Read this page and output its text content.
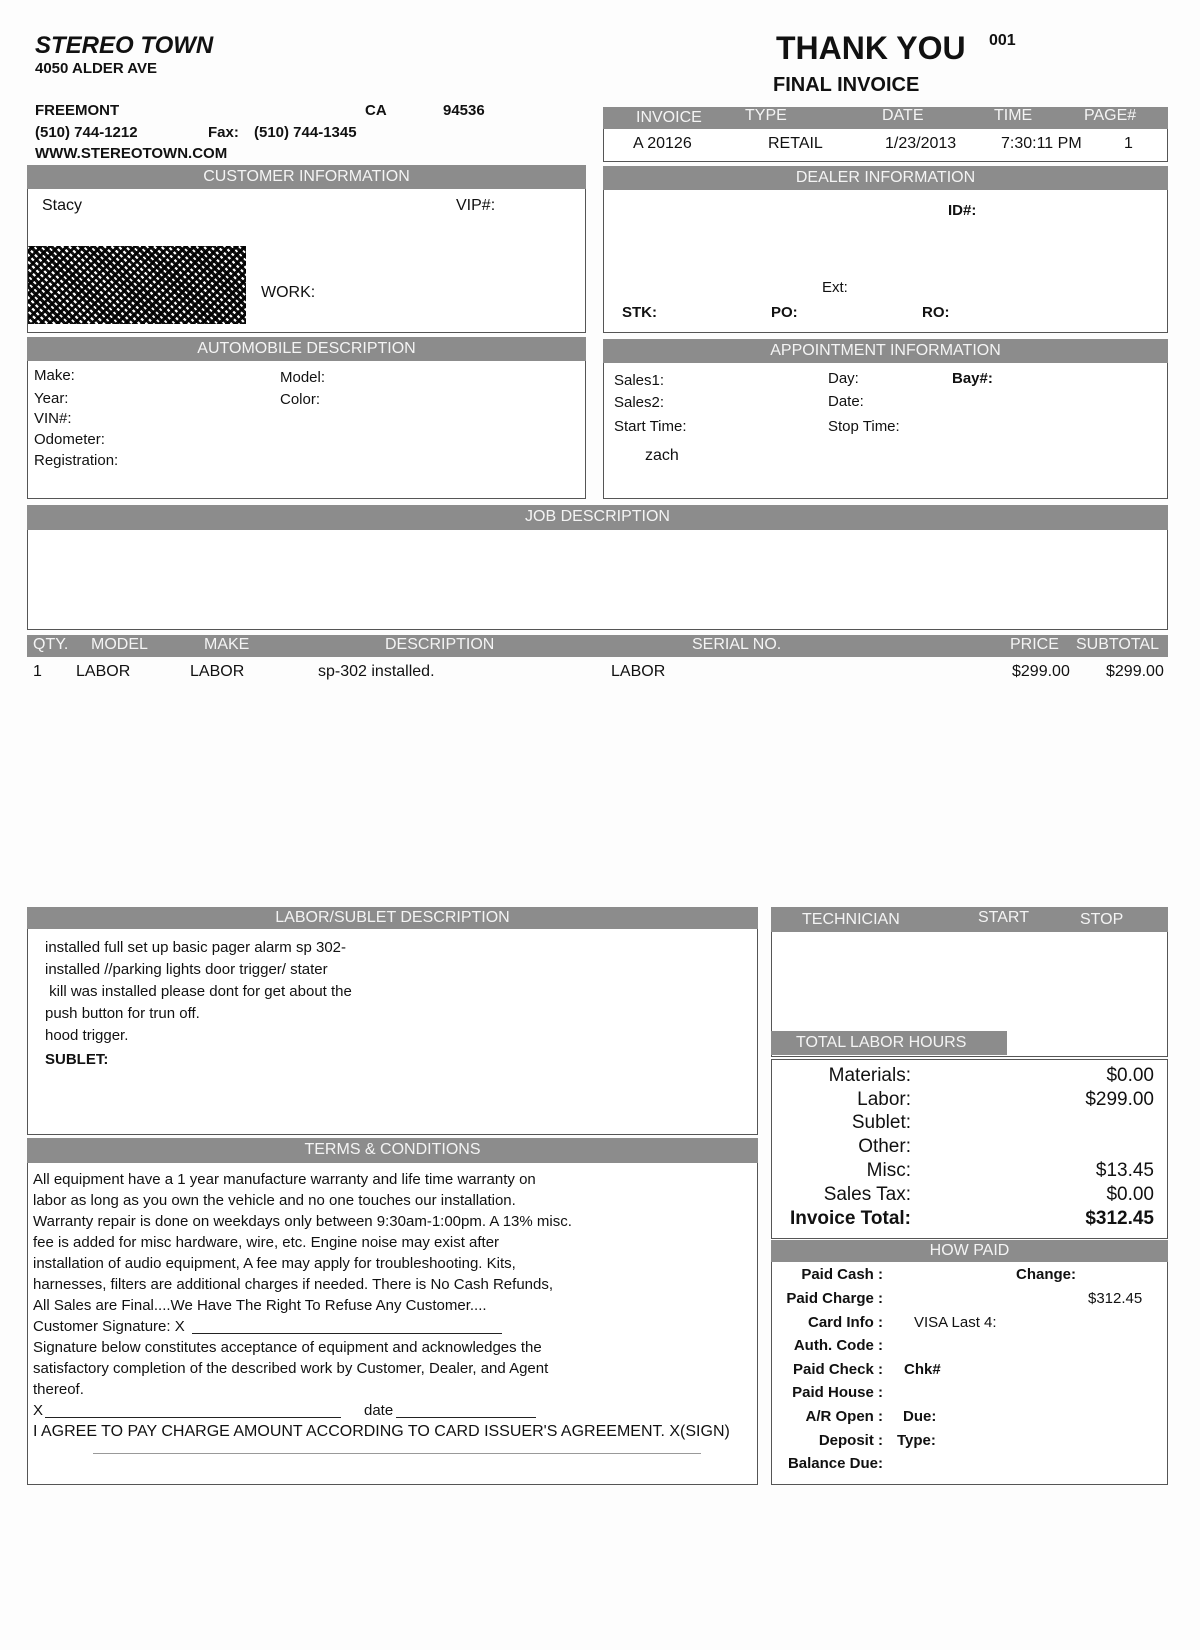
STEREO TOWN
4050 ALDER AVE
FREEMONT	CA	94536
(510) 744-1212	Fax: (510) 744-1345
WWW.STEREOTOWN.COM
THANK YOU 001
FINAL INVOICE
INVOICE	TYPE	DATE	TIME	PAGE#
A 20126	RETAIL	1/23/2013	7:30:11 PM	1
CUSTOMER INFORMATION
Stacy	VIP#:
WORK:
DEALER INFORMATION
ID#:
Ext:
STK:	PO:	RO:
AUTOMOBILE DESCRIPTION
Make:	Model:
Year:	Color:
VIN#:
Odometer:
Registration:
APPOINTMENT INFORMATION
Sales1:
Sales2:
Start Time:
Day:
Date:
Stop Time:
Bay#:
zach
JOB DESCRIPTION
QTY. MODEL	MAKE	DESCRIPTION	SERIAL NO.	PRICE SUBTOTAL
1 LABOR	LABOR	sp-302 installed.	LABOR	$299.00 $299.00
LABOR/SUBLET DESCRIPTION
installed full set up basic pager alarm sp 302-
installed //parking lights door trigger/ stater
kill was installed please dont for get about the
push button for trun off.
hood trigger.
SUBLET:
TERMS & CONDITIONS
All equipment have a 1 year manufacture warranty and life time warranty on
labor as long as you own the vehicle and no one touches our installation.
Warranty repair is done on weekdays only between 9:30am-1:00pm. A 13% misc.
fee is added for misc hardware, wire, etc. Engine noise may exist after
installation of audio equipment, A fee may apply for troubleshooting. Kits,
harnesses, filters are additional charges if needed. There is No Cash Refunds,
All Sales are Final....We Have The Right To Refuse Any Customer....
Customer Signature: X
Signature below constitutes acceptance of equipment and acknowledges the
satisfactory completion of the described work by Customer, Dealer, and Agent
thereof.
X	date
I AGREE TO PAY CHARGE AMOUNT ACCORDING TO CARD ISSUER'S AGREEMENT. X(SIGN)
TECHNICIAN	START	STOP
TOTAL LABOR HOURS
Materials:	$0.00
Labor:	$299.00
Sublet:
Other:
Misc:	$13.45
Sales Tax:	$0.00
Invoice Total:	$312.45
HOW PAID
Paid Cash :	Change:
Paid Charge :	$312.45
Card Info : VISA Last 4:
Auth. Code :
Paid Check : Chk#
Paid House :
A/R Open : Due:
Deposit : Type:
Balance Due:
